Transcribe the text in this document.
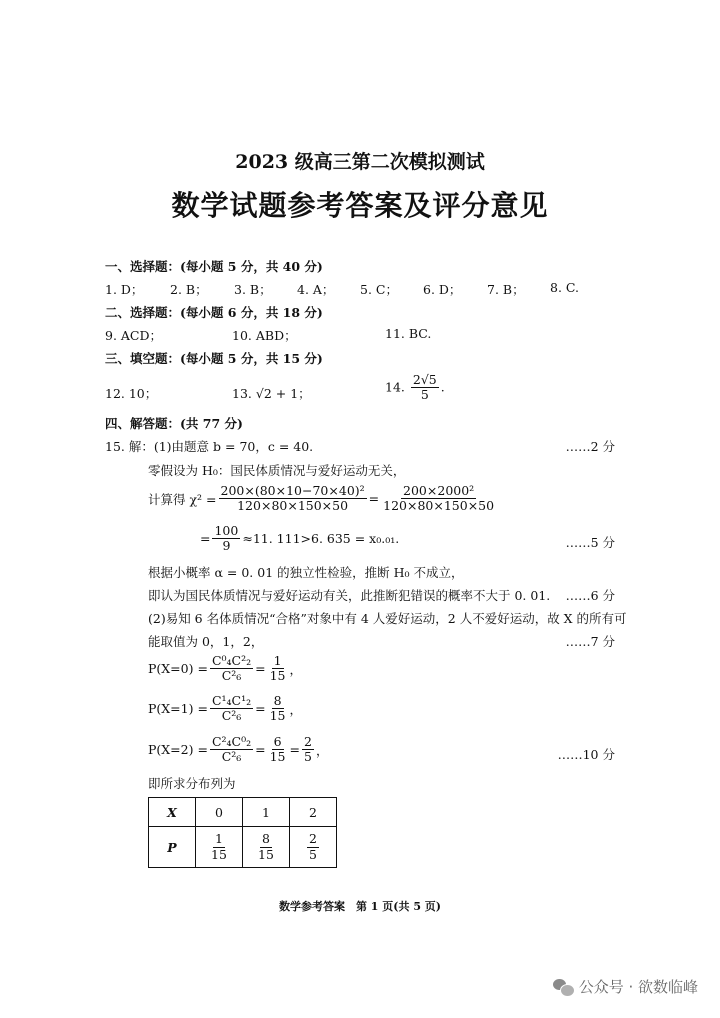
2023 级高三第二次模拟测试
数学试题参考答案及评分意见
一、选择题：(每小题 5 分，共 40 分)
1. D； 2. B； 3. B； 4. A； 5. C； 6. D； 7. B； 8. C.
二、选择题：(每小题 6 分，共 18 分)
9. ACD；	10. ABD；	11. BC.
三、填空题：(每小题 5 分，共 15 分)
12. 10；	13. √2 + 1；	14. $\frac{2√5}{5}$ .
四、解答题：(共 77 分)
15. 解：(1)由题意 b = 70，c = 40.	……2 分
零假设为 H₀：国民体质情况与爱好运动无关，
计算得 $\chi^2 = \frac{\text{200×(80×10−70×40)²}}{120\times 80\times 150\times 50} = \frac{\text{200×2000²}}{120\times 80\times 150\times 50}$
= $\frac{100}{9} \approx 11$. 111>6. 635 = x₀.₀₁.	……5 分
根据小概率 α = 0. 01 的独立性检验，推断 H₀ 不成立，
即认为国民体质情况与爱好运动有关，此推断犯错误的概率不大于 0. 01. ……6 分
(2)易知 6 名体质情况“合格”对象中有 4 人爱好运动，2 人不爱好运动，故 X 的所有可
能取值为 0，1，2，	……7 分
$P(X=0) = \frac{\text{C⁰₄C²₂}}{\text{C²₆}} = \frac{1}{15}$ ，
$P(X=1) = \frac{\text{C¹₄C¹₂}}{\text{C²₆}} = \frac{8}{15}$ ，
$P(X=2) = \frac{\text{C²₄C⁰₂}}{\text{C²₆}} = \frac{6}{15} = \frac{2}{5}$ ，	……10 分
即所求分布列为
X	0	1	2
P	$\frac{1}{15}$	$\frac{8}{15}$	$\frac{2}{5}$
数学参考答案　第 1 页(共 5 页)
公众号 · 欲数临峰
